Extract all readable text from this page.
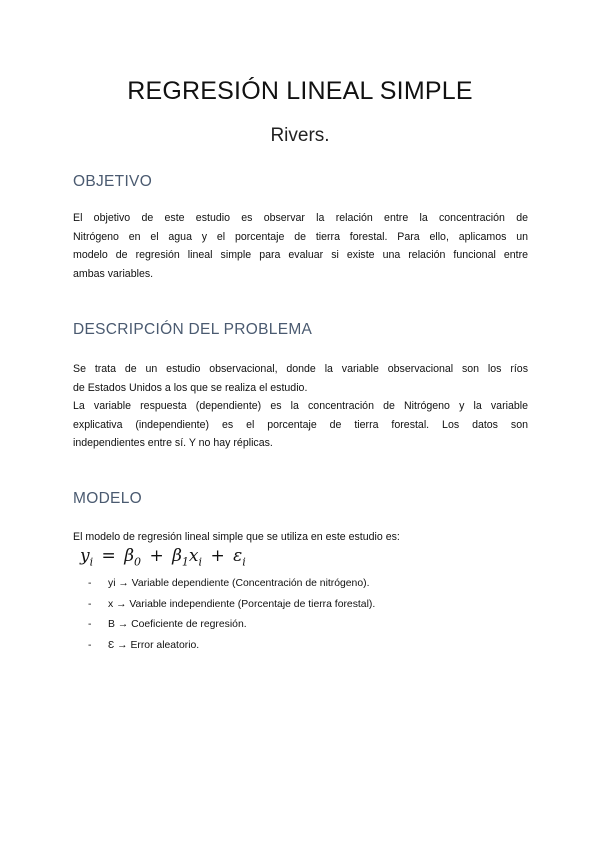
REGRESIÓN LINEAL SIMPLE
Rivers.
OBJETIVO

El objetivo de este estudio es observar la relación entre la concentración de
Nitrógeno en el agua y el porcentaje de tierra forestal. Para ello, aplicamos un
modelo de regresión lineal simple para evaluar si existe una relación funcional entre
ambas variables.

DESCRIPCIÓN DEL PROBLEMA

Se trata de un estudio observacional, donde la variable observacional son los ríos
de Estados Unidos a los que se realiza el estudio.
La variable respuesta (dependiente) es la concentración de Nitrógeno y la variable
explicativa (independiente) es el porcentaje de tierra forestal. Los datos son
independientes entre sí. Y no hay réplicas.

MODELO

El modelo de regresión lineal simple que se utiliza en este estudio es:

$y_i = \beta_0 + \beta_1x_i + \varepsilon_i$
- yi → Variable dependiente (Concentración de nitrógeno).
- x → Variable independiente (Porcentaje de tierra forestal).
- Β → Coeficiente de regresión.
- Ɛ → Error aleatorio.
